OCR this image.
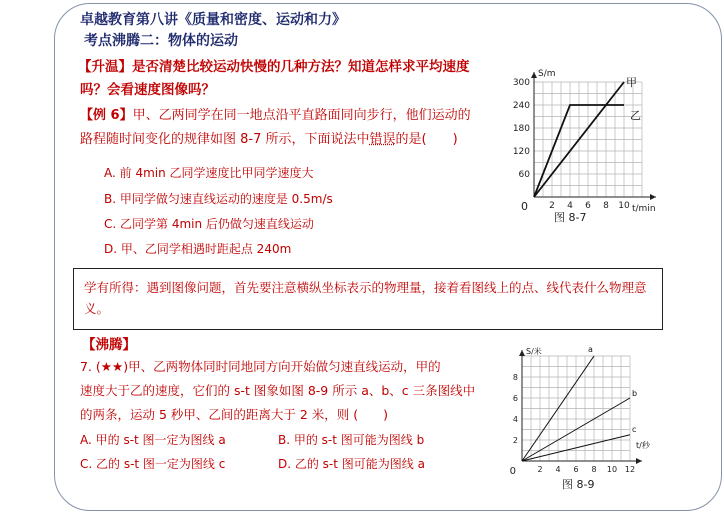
卓越教育第八讲《质量和密度、运动和力》

考点沸腾二：物体的运动

【升温】是否清楚比较运动快慢的几种方法？知道怎样求平均速度

吗？会看速度图像吗？

【例 6】甲、乙两同学在同一地点沿平直路面同向步行，他们运动的

路程随时间变化的规律如图 8-7 所示，下面说法中错误的是(　　)

A. 前 4min 乙同学速度比甲同学速度大

B. 甲同学做匀速直线运动的速度是 0.5m/s

C. 乙同学第 4min 后仍做匀速直线运动

D. 甲、乙同学相遇时距起点 240m

学有所得：遇到图像问题，首先要注意横纵坐标表示的物理量，接着看图线上的点、线代表什么物理意义。

【沸腾】

7. (★★)甲、乙两物体同时同地同方向开始做匀速直线运动，甲的

速度大于乙的速度，它们的 s-t 图象如图 8-9 所示 a、b、c 三条图线中

的两条，运动 5 秒甲、乙间的距离大于 2 米，则 (　　)

A. 甲的 s-t 图一定为图线 a	B. 甲的 s-t 图可能为图线 b

C. 乙的 s-t 图一定为图线 c	D. 乙的 s-t 图可能为图线 a

2 4 6 8 10
60
120
180
240
300
0
S/m
t/min
甲
乙
图 8-7
2 4 6 8 10 12
2
4
6
8
0
S/米
t/秒
a
b
c
图 8-9
